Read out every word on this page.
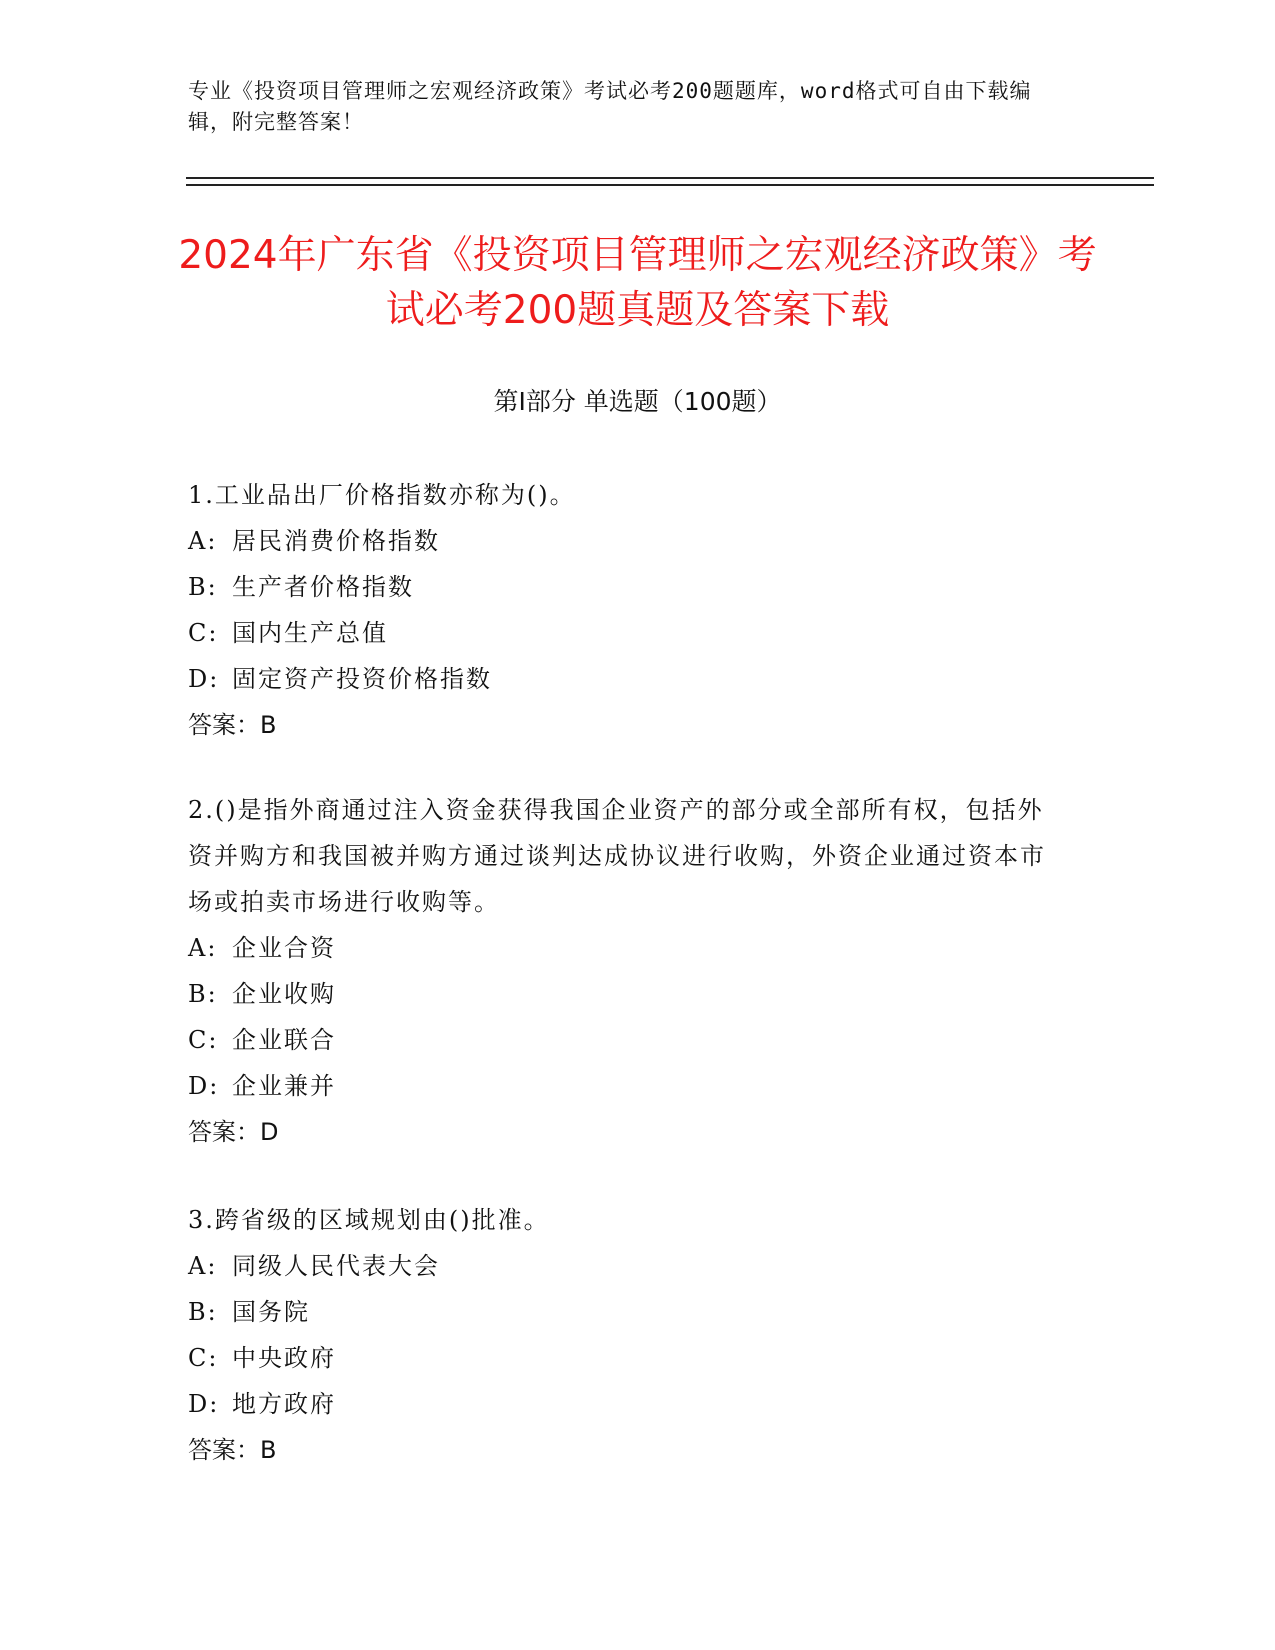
专业《投资项目管理师之宏观经济政策》考试必考200题题库，word格式可自由下载编辑，附完整答案！
2024年广东省《投资项目管理师之宏观经济政策》考试必考200题真题及答案下载
第Ⅰ部分 单选题（100题）

1.工业品出厂价格指数亦称为()。

A: 居民消费价格指数
B: 生产者价格指数
C: 国内生产总值
D: 固定资产投资价格指数

答案：B

2.()是指外商通过注入资金获得我国企业资产的部分或全部所有权，包括外资并购方和我国被并购方通过谈判达成协议进行收购，外资企业通过资本市场或拍卖市场进行收购等。

A: 企业合资
B: 企业收购
C: 企业联合
D: 企业兼并

答案：D

3.跨省级的区域规划由()批准。

A: 同级人民代表大会
B: 国务院
C: 中央政府
D: 地方政府

答案：B
